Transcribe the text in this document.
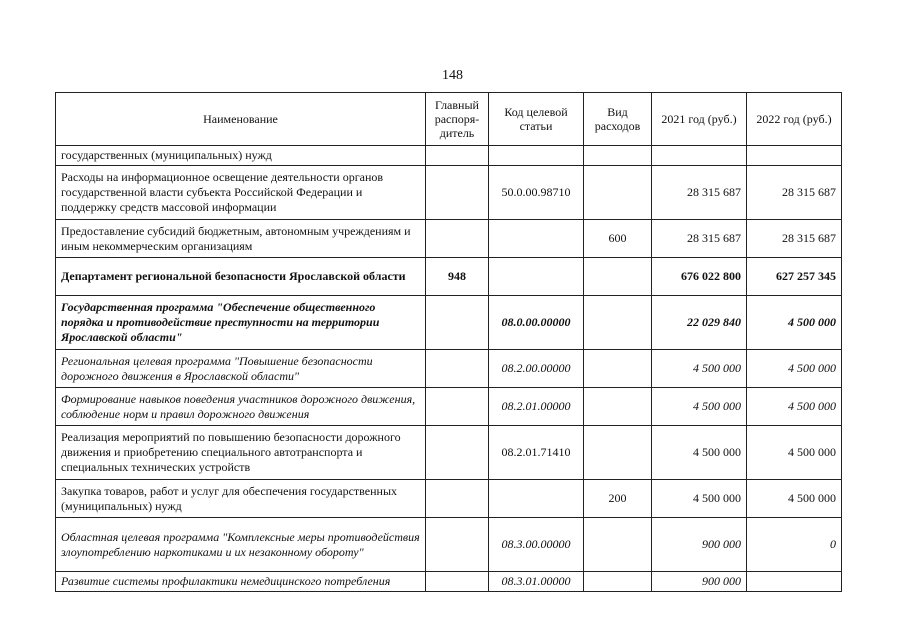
148
Наименование	Главный распоря-дитель	Код целевой статьи	Вид расходов	2021 год (руб.)	2022 год (руб.)
государственных (муниципальных) нужд					
Расходы на информационное освещение деятельности органов государственной власти субъекта Российской Федерации и поддержку средств массовой информации		50.0.00.98710		28 315 687	28 315 687
Предоставление субсидий бюджетным, автономным учреждениям и иным некоммерческим организациям			600	28 315 687	28 315 687
Департамент региональной безопасности Ярославской области	948			676 022 800	627 257 345
Государственная программа "Обеспечение общественного порядка и противодействие преступности на территории Ярославской области"		08.0.00.00000		22 029 840	4 500 000
Региональная целевая программа "Повышение безопасности дорожного движения в Ярославской области"		08.2.00.00000		4 500 000	4 500 000
Формирование навыков поведения участников дорожного движения, соблюдение норм и правил дорожного движения		08.2.01.00000		4 500 000	4 500 000
Реализация мероприятий по повышению безопасности дорожного движения и приобретению специального автотранспорта и специальных технических устройств		08.2.01.71410		4 500 000	4 500 000
Закупка товаров, работ и услуг для обеспечения государственных (муниципальных) нужд			200	4 500 000	4 500 000
Областная целевая программа "Комплексные меры противодействия злоупотреблению наркотиками и их незаконному обороту"		08.3.00.00000		900 000	0
Развитие системы профилактики немедицинского потребления		08.3.01.00000		900 000	
